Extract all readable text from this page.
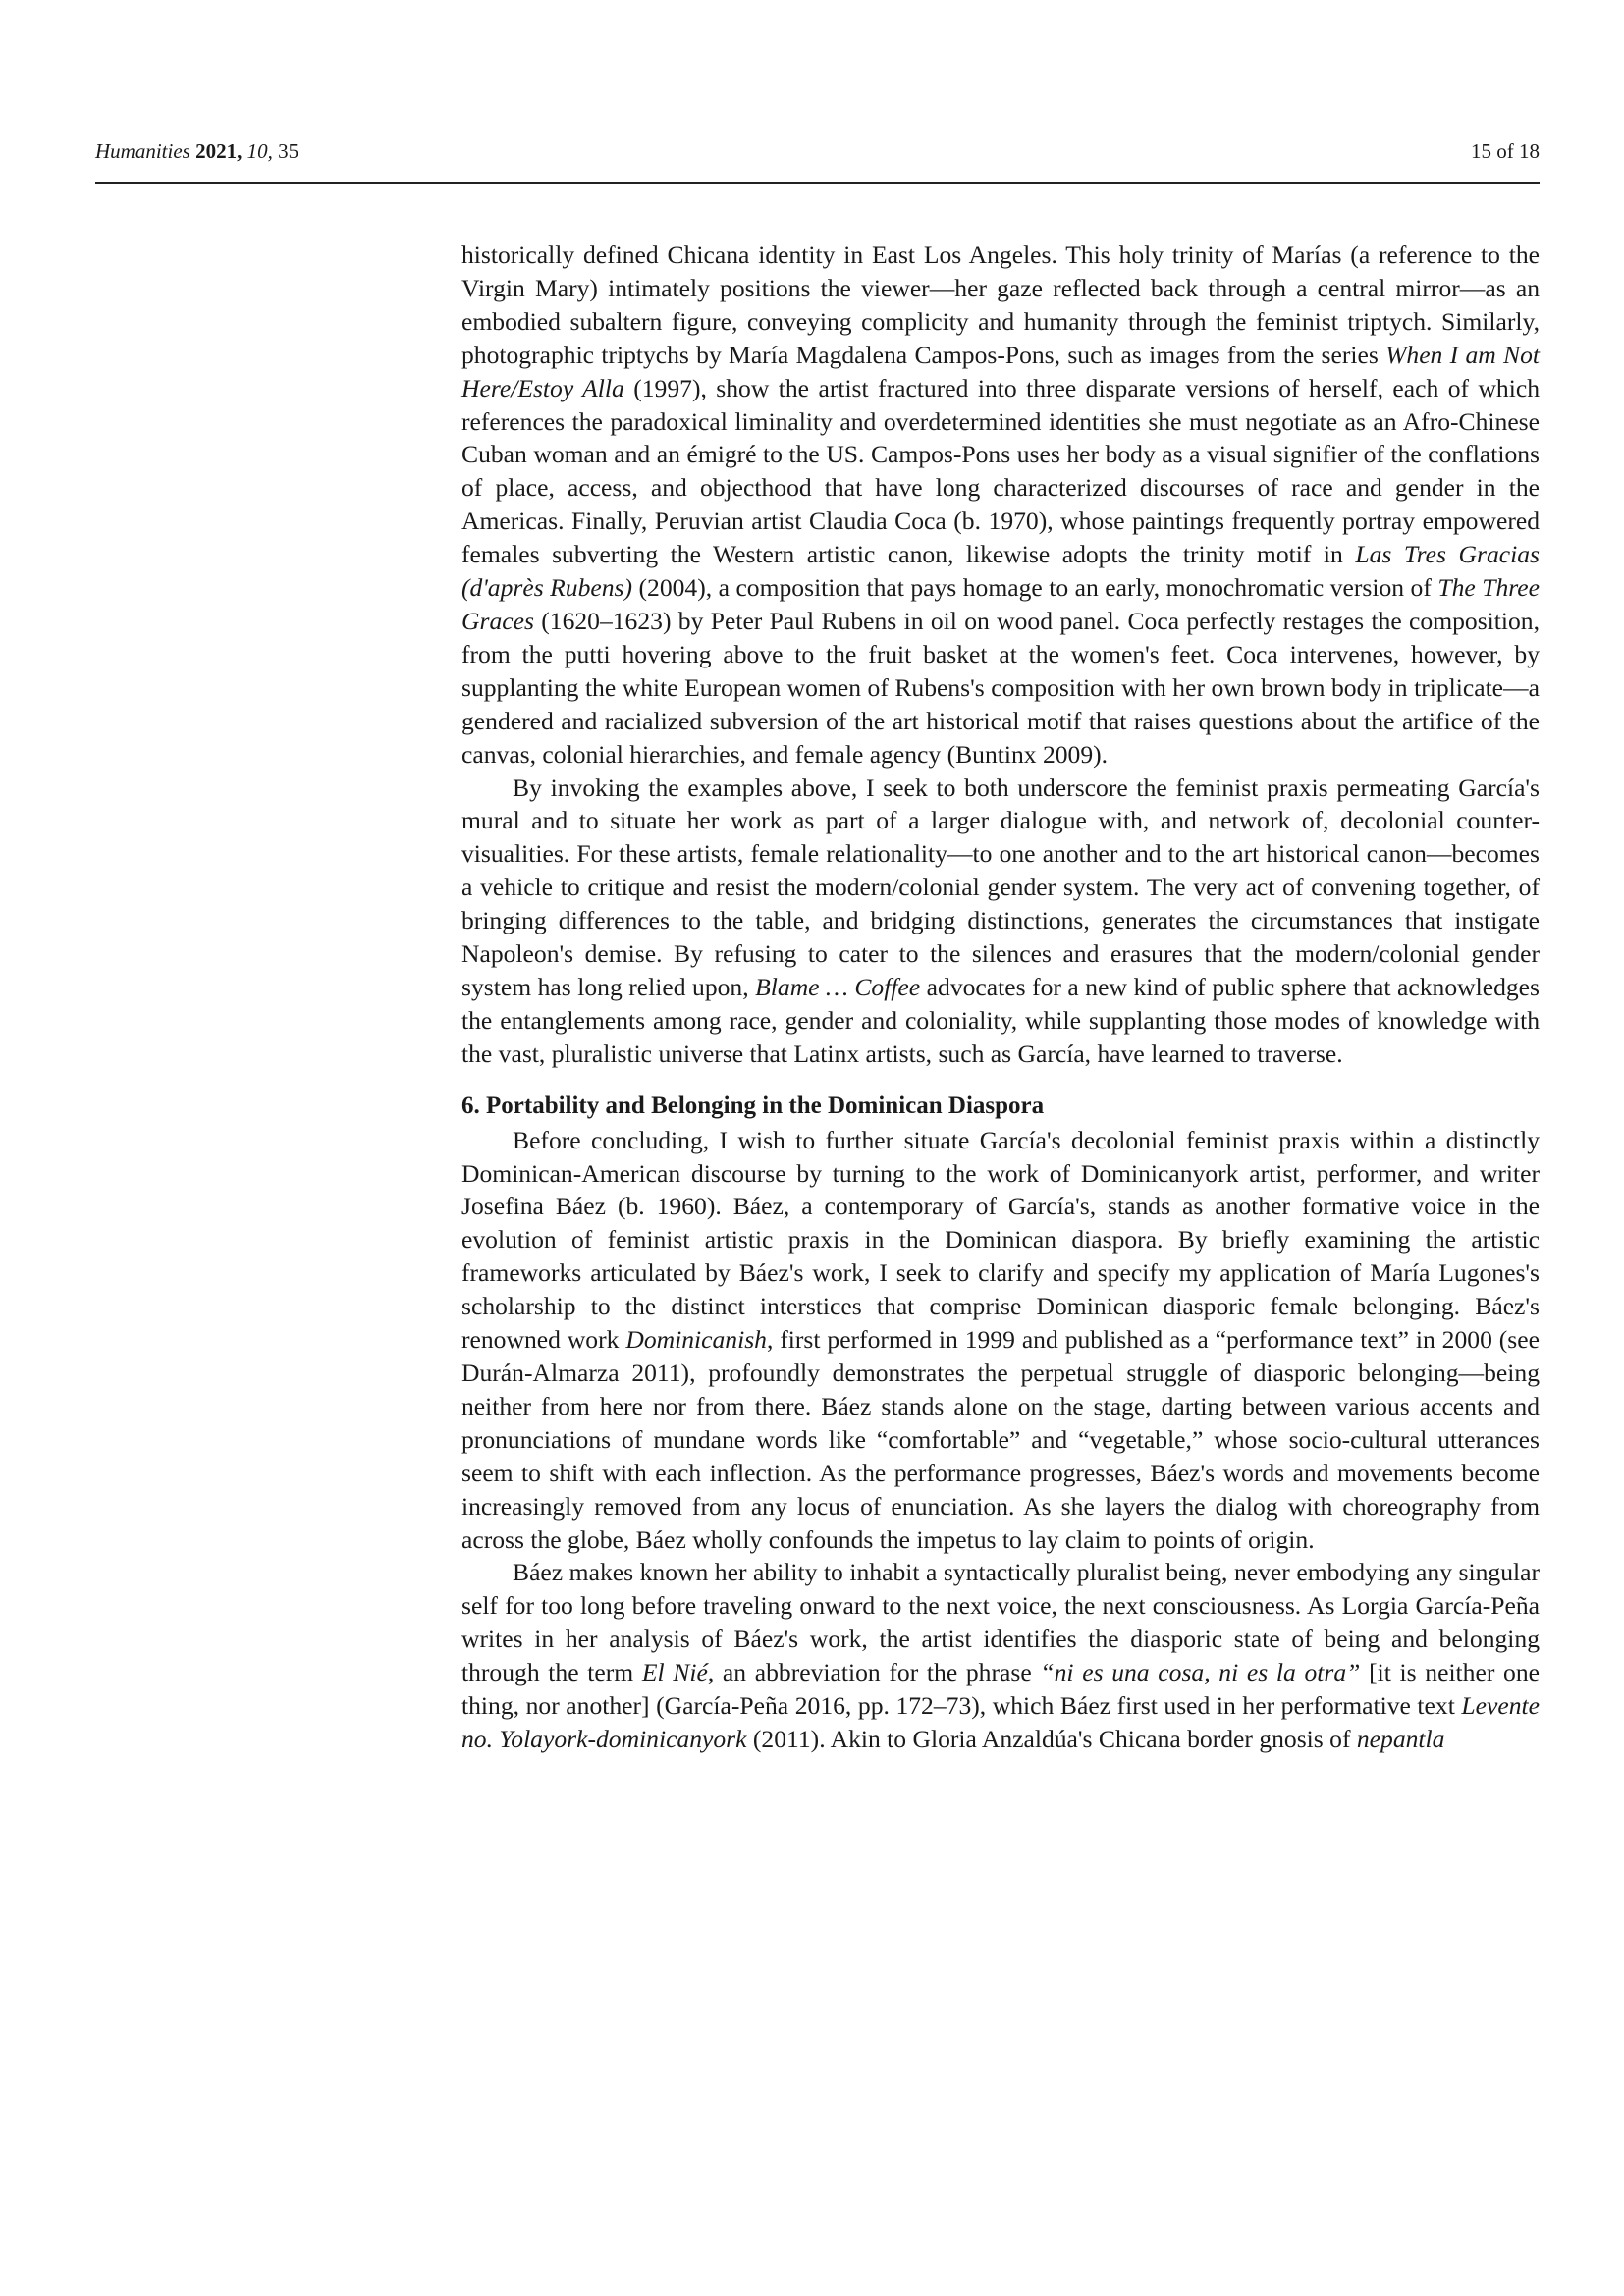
Humanities 2021, 10, 35	15 of 18

historically defined Chicana identity in East Los Angeles. This holy trinity of Marías (a reference to the Virgin Mary) intimately positions the viewer—her gaze reflected back through a central mirror—as an embodied subaltern figure, conveying complicity and humanity through the feminist triptych. Similarly, photographic triptychs by María Magdalena Campos-Pons, such as images from the series When I am Not Here/Estoy Alla (1997), show the artist fractured into three disparate versions of herself, each of which references the paradoxical liminality and overdetermined identities she must negotiate as an Afro-Chinese Cuban woman and an émigré to the US. Campos-Pons uses her body as a visual signifier of the conflations of place, access, and objecthood that have long characterized discourses of race and gender in the Americas. Finally, Peruvian artist Claudia Coca (b. 1970), whose paintings frequently portray empowered females subverting the Western artistic canon, likewise adopts the trinity motif in Las Tres Gracias (d'après Rubens) (2004), a composition that pays homage to an early, monochromatic version of The Three Graces (1620–1623) by Peter Paul Rubens in oil on wood panel. Coca perfectly restages the composition, from the putti hovering above to the fruit basket at the women's feet. Coca intervenes, however, by supplanting the white European women of Rubens's composition with her own brown body in triplicate—a gendered and racialized subversion of the art historical motif that raises questions about the artifice of the canvas, colonial hierarchies, and female agency (Buntinx 2009).

By invoking the examples above, I seek to both underscore the feminist praxis permeating García's mural and to situate her work as part of a larger dialogue with, and network of, decolonial counter-visualities. For these artists, female relationality—to one another and to the art historical canon—becomes a vehicle to critique and resist the modern/colonial gender system. The very act of convening together, of bringing differences to the table, and bridging distinctions, generates the circumstances that instigate Napoleon's demise. By refusing to cater to the silences and erasures that the modern/colonial gender system has long relied upon, Blame … Coffee advocates for a new kind of public sphere that acknowledges the entanglements among race, gender and coloniality, while supplanting those modes of knowledge with the vast, pluralistic universe that Latinx artists, such as García, have learned to traverse.

6. Portability and Belonging in the Dominican Diaspora

Before concluding, I wish to further situate García's decolonial feminist praxis within a distinctly Dominican-American discourse by turning to the work of Dominicanyork artist, performer, and writer Josefina Báez (b. 1960). Báez, a contemporary of García's, stands as another formative voice in the evolution of feminist artistic praxis in the Dominican diaspora. By briefly examining the artistic frameworks articulated by Báez's work, I seek to clarify and specify my application of María Lugones's scholarship to the distinct interstices that comprise Dominican diasporic female belonging. Báez's renowned work Dominicanish, first performed in 1999 and published as a “performance text” in 2000 (see Durán-Almarza 2011), profoundly demonstrates the perpetual struggle of diasporic belonging—being neither from here nor from there. Báez stands alone on the stage, darting between various accents and pronunciations of mundane words like “comfortable” and “vegetable,” whose socio-cultural utterances seem to shift with each inflection. As the performance progresses, Báez's words and movements become increasingly removed from any locus of enunciation. As she layers the dialog with choreography from across the globe, Báez wholly confounds the impetus to lay claim to points of origin.

Báez makes known her ability to inhabit a syntactically pluralist being, never embodying any singular self for too long before traveling onward to the next voice, the next consciousness. As Lorgia García-Peña writes in her analysis of Báez's work, the artist identifies the diasporic state of being and belonging through the term El Nié, an abbreviation for the phrase “ni es una cosa, ni es la otra” [it is neither one thing, nor another] (García-Peña 2016, pp. 172–73), which Báez first used in her performative text Levente no. Yolayork-dominicanyork (2011). Akin to Gloria Anzaldúa's Chicana border gnosis of nepantla
